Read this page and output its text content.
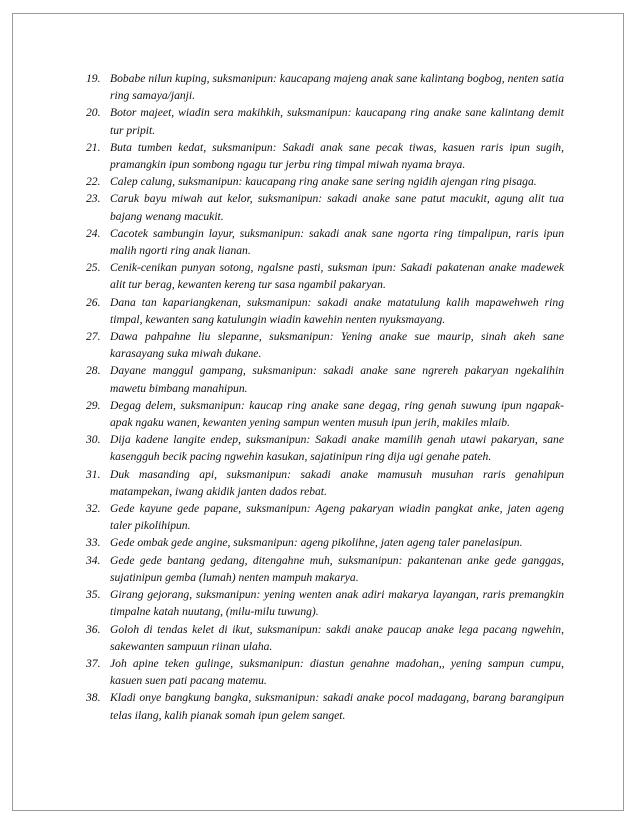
19. Bobabe nilun kuping, suksmanipun: kaucapang majeng anak sane kalintang bogbog, nenten satia ring samaya/janji.
20. Botor majeet, wiadin sera makihkih, suksmanipun: kaucapang ring anake sane kalintang demit tur pripit.
21. Buta tumben kedat, suksmanipun: Sakadi anak sane pecak tiwas, kasuen raris ipun sugih, pramangkin ipun sombong ngagu tur jerbu ring timpal miwah nyama braya.
22. Calep calung, suksmanipun: kaucapang ring anake sane sering ngidih ajengan ring pisaga.
23. Caruk bayu miwah aut kelor, suksmanipun: sakadi anake sane patut macukit, agung alit tua bajang wenang macukit.
24. Cacotek sambungin layur, suksmanipun: sakadi anak sane ngorta ring timpalipun, raris ipun malih ngorti ring anak lianan.
25. Cenik-cenikan punyan sotong, ngalsne pasti, suksman ipun: Sakadi pakatenan anake madewek alit tur berag, kewanten kereng tur sasa ngambil pakaryan.
26. Dana tan kapariangkenan, suksmanipun: sakadi anake matatulung kalih mapawehweh ring timpal, kewanten sang katulungin wiadin kawehin nenten nyuksmayang.
27. Dawa pahpahne liu slepanne, suksmanipun: Yening anake sue maurip, sinah akeh sane karasayang suka miwah dukane.
28. Dayane manggul gampang, suksmanipun: sakadi anake sane ngrereh pakaryan ngekalihin mawetu bimbang manahipun.
29. Degag delem, suksmanipun: kaucap ring anake sane degag, ring genah suwung ipun ngapak-apak ngaku wanen, kewanten yening sampun wenten musuh ipun jerih, makiles mlaib.
30. Dija kadene langite endep, suksmanipun: Sakadi anake mamilih genah utawi pakaryan, sane kasengguh becik pacing ngwehin kasukan, sajatinipun ring dija ugi genahe pateh.
31. Duk masanding api, suksmanipun: sakadi anake mamusuh musuhan raris genahipun matampekan, iwang akidik janten dados rebat.
32. Gede kayune gede papane, suksmanipun: Ageng pakaryan wiadin pangkat anke, jaten ageng taler pikolihipun.
33. Gede ombak gede angine, suksmanipun: ageng pikolihne, jaten ageng taler panelasipun.
34. Gede gede bantang gedang, ditengahne muh, suksmanipun: pakantenan anke gede ganggas, sujatinipun gemba (lumah) nenten mampuh makarya.
35. Girang gejorang, suksmanipun: yening wenten anak adiri makarya layangan, raris premangkin timpalne katah nuutang, (milu-milu tuwung).
36. Goloh di tendas kelet di ikut, suksmanipun: sakdi anake paucap anake lega pacang ngwehin, sakewanten sampuun riinan ulaha.
37. Joh apine teken gulinge, suksmanipun: diastun genahne madohan,, yening sampun cumpu, kasuen suen pati pacang matemu.
38. Kladi onye bangkung bangka, suksmanipun: sakadi anake pocol madagang, barang barangipun telas ilang, kalih pianak somah ipun gelem sanget.
